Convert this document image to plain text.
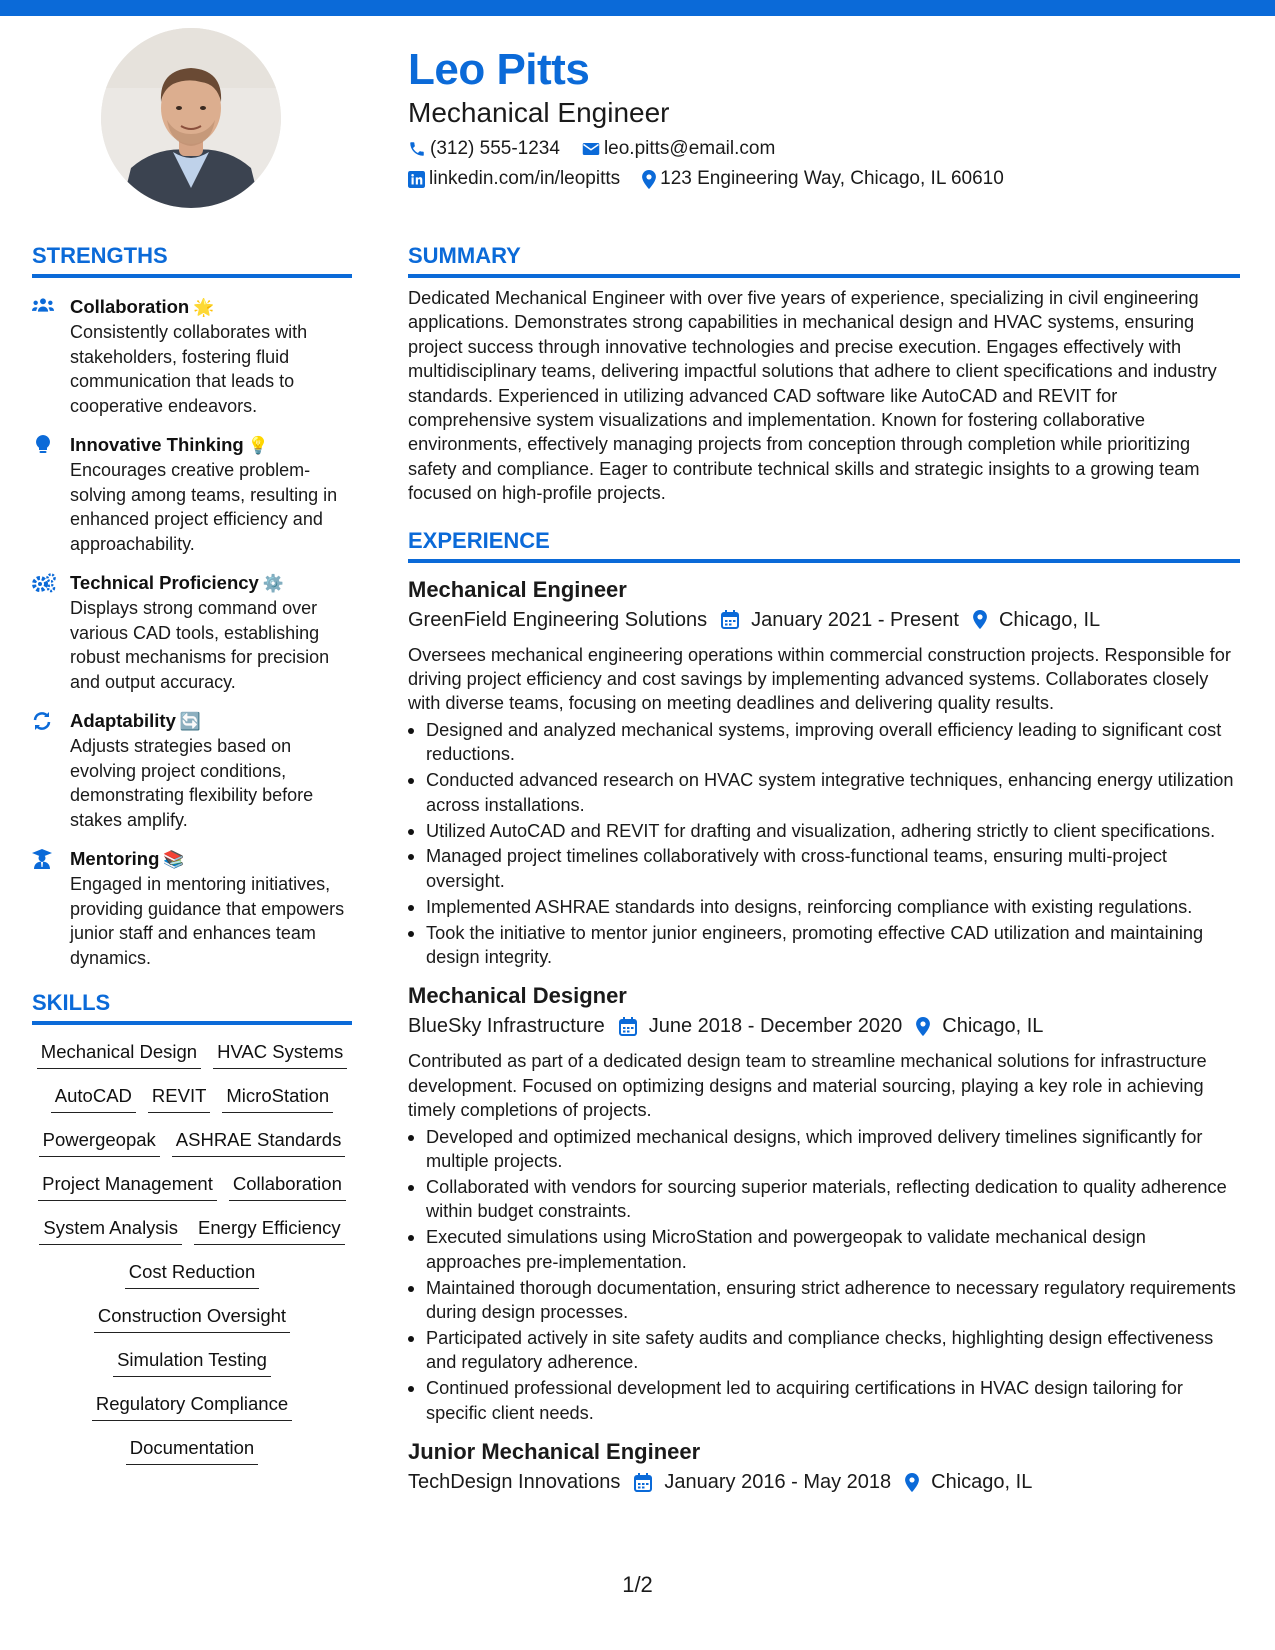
Leo Pitts
Mechanical Engineer
(312) 555-1234 leo.pitts@email.com
linkedin.com/in/leopitts 123 Engineering Way, Chicago, IL 60610
STRENGTHS
Collaboration 🌟
Consistently collaborates with stakeholders, fostering fluid communication that leads to cooperative endeavors.
Innovative Thinking 💡
Encourages creative problem-solving among teams, resulting in enhanced project efficiency and approachability.
Technical Proficiency ⚙️
Displays strong command over various CAD tools, establishing robust mechanisms for precision and output accuracy.
Adaptability 🔄
Adjusts strategies based on evolving project conditions, demonstrating flexibility before stakes amplify.
Mentoring 📚
Engaged in mentoring initiatives, providing guidance that empowers junior staff and enhances team dynamics.
SKILLS
Mechanical Design HVAC Systems
AutoCAD REVIT MicroStation
Powergeopak ASHRAE Standards
Project Management Collaboration
System Analysis Energy Efficiency
Cost Reduction
Construction Oversight
Simulation Testing
Regulatory Compliance
Documentation
SUMMARY
Dedicated Mechanical Engineer with over five years of experience, specializing in civil engineering applications. Demonstrates strong capabilities in mechanical design and HVAC systems, ensuring project success through innovative technologies and precise execution. Engages effectively with multidisciplinary teams, delivering impactful solutions that adhere to client specifications and industry standards. Experienced in utilizing advanced CAD software like AutoCAD and REVIT for comprehensive system visualizations and implementation. Known for fostering collaborative environments, effectively managing projects from conception through completion while prioritizing safety and compliance. Eager to contribute technical skills and strategic insights to a growing team focused on high-profile projects.
EXPERIENCE
Mechanical Engineer
GreenField Engineering Solutions January 2021 - Present Chicago, IL
Oversees mechanical engineering operations within commercial construction projects. Responsible for driving project efficiency and cost savings by implementing advanced systems. Collaborates closely with diverse teams, focusing on meeting deadlines and delivering quality results.
Designed and analyzed mechanical systems, improving overall efficiency leading to significant cost reductions.
Conducted advanced research on HVAC system integrative techniques, enhancing energy utilization across installations.
Utilized AutoCAD and REVIT for drafting and visualization, adhering strictly to client specifications.
Managed project timelines collaboratively with cross-functional teams, ensuring multi-project oversight.
Implemented ASHRAE standards into designs, reinforcing compliance with existing regulations.
Took the initiative to mentor junior engineers, promoting effective CAD utilization and maintaining design integrity.
Mechanical Designer
BlueSky Infrastructure June 2018 - December 2020 Chicago, IL
Contributed as part of a dedicated design team to streamline mechanical solutions for infrastructure development. Focused on optimizing designs and material sourcing, playing a key role in achieving timely completions of projects.
Developed and optimized mechanical designs, which improved delivery timelines significantly for multiple projects.
Collaborated with vendors for sourcing superior materials, reflecting dedication to quality adherence within budget constraints.
Executed simulations using MicroStation and powergeopak to validate mechanical design approaches pre-implementation.
Maintained thorough documentation, ensuring strict adherence to necessary regulatory requirements during design processes.
Participated actively in site safety audits and compliance checks, highlighting design effectiveness and regulatory adherence.
Continued professional development led to acquiring certifications in HVAC design tailoring for specific client needs.
Junior Mechanical Engineer
TechDesign Innovations January 2016 - May 2018 Chicago, IL
1/2
